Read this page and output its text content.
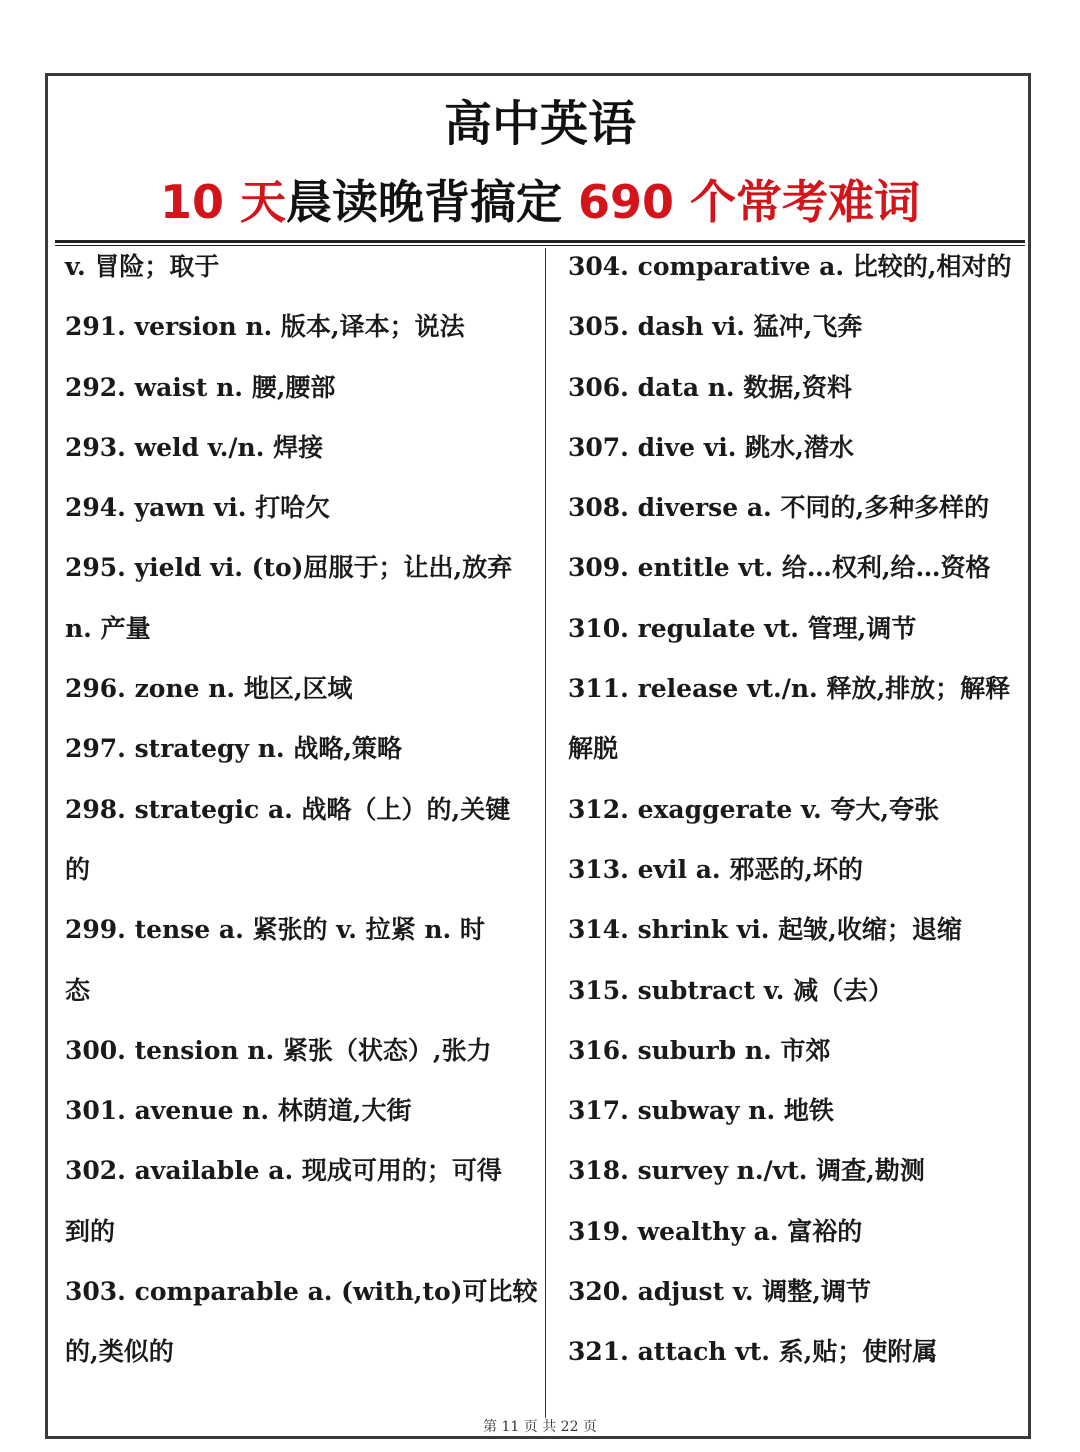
高中英语
10 天晨读晚背搞定 690 个常考难词
v. 冒险；取于
291. version n. 版本,译本；说法
292. waist n. 腰,腰部
293. weld v./n. 焊接
294. yawn vi. 打哈欠
295. yield vi. (to)屈服于；让出,放弃
n. 产量
296. zone n. 地区,区域
297. strategy n. 战略,策略
298. strategic a. 战略（上）的,关键
的
299. tense a. 紧张的 v. 拉紧 n. 时
态
300. tension n. 紧张（状态）,张力
301. avenue n. 林荫道,大街
302. available a. 现成可用的；可得
到的
303. comparable a. (with,to)可比较
的,类似的
304. comparative a. 比较的,相对的
305. dash vi. 猛冲,飞奔
306. data n. 数据,资料
307. dive vi. 跳水,潜水
308. diverse a. 不同的,多种多样的
309. entitle vt. 给…权利,给…资格
310. regulate vt. 管理,调节
311. release vt./n. 释放,排放；解释
解脱
312. exaggerate v. 夸大,夸张
313. evil a. 邪恶的,坏的
314. shrink vi. 起皱,收缩；退缩
315. subtract v. 减（去）
316. suburb n. 市郊
317. subway n. 地铁
318. survey n./vt. 调查,勘测
319. wealthy a. 富裕的
320. adjust v. 调整,调节
321. attach vt. 系,贴；使附属
第 11 页 共 22 页
